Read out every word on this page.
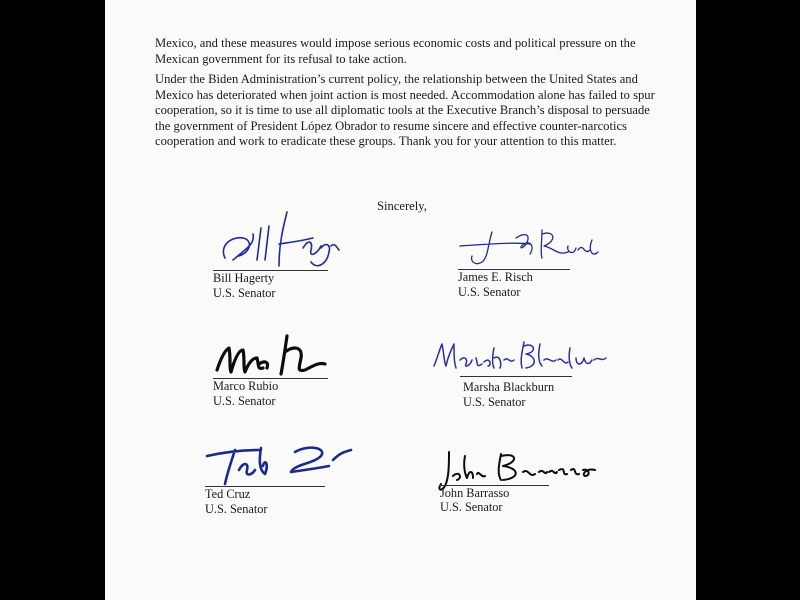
Mexico, and these measures would impose serious economic costs and political pressure on the Mexican government for its refusal to take action.

Under the Biden Administration’s current policy, the relationship between the United States and Mexico has deteriorated when joint action is most needed. Accommodation alone has failed to spur cooperation, so it is time to use all diplomatic tools at the Executive Branch’s disposal to persuade the government of President López Obrador to resume sincere and effective counter-narcotics cooperation and work to eradicate these groups. Thank you for your attention to this matter.

Sincerely,
Bill Hagerty
U.S. Senator
James E. Risch
U.S. Senator
Marco Rubio
U.S. Senator
Marsha Blackburn
U.S. Senator
Ted Cruz
U.S. Senator
John Barrasso
U.S. Senator
